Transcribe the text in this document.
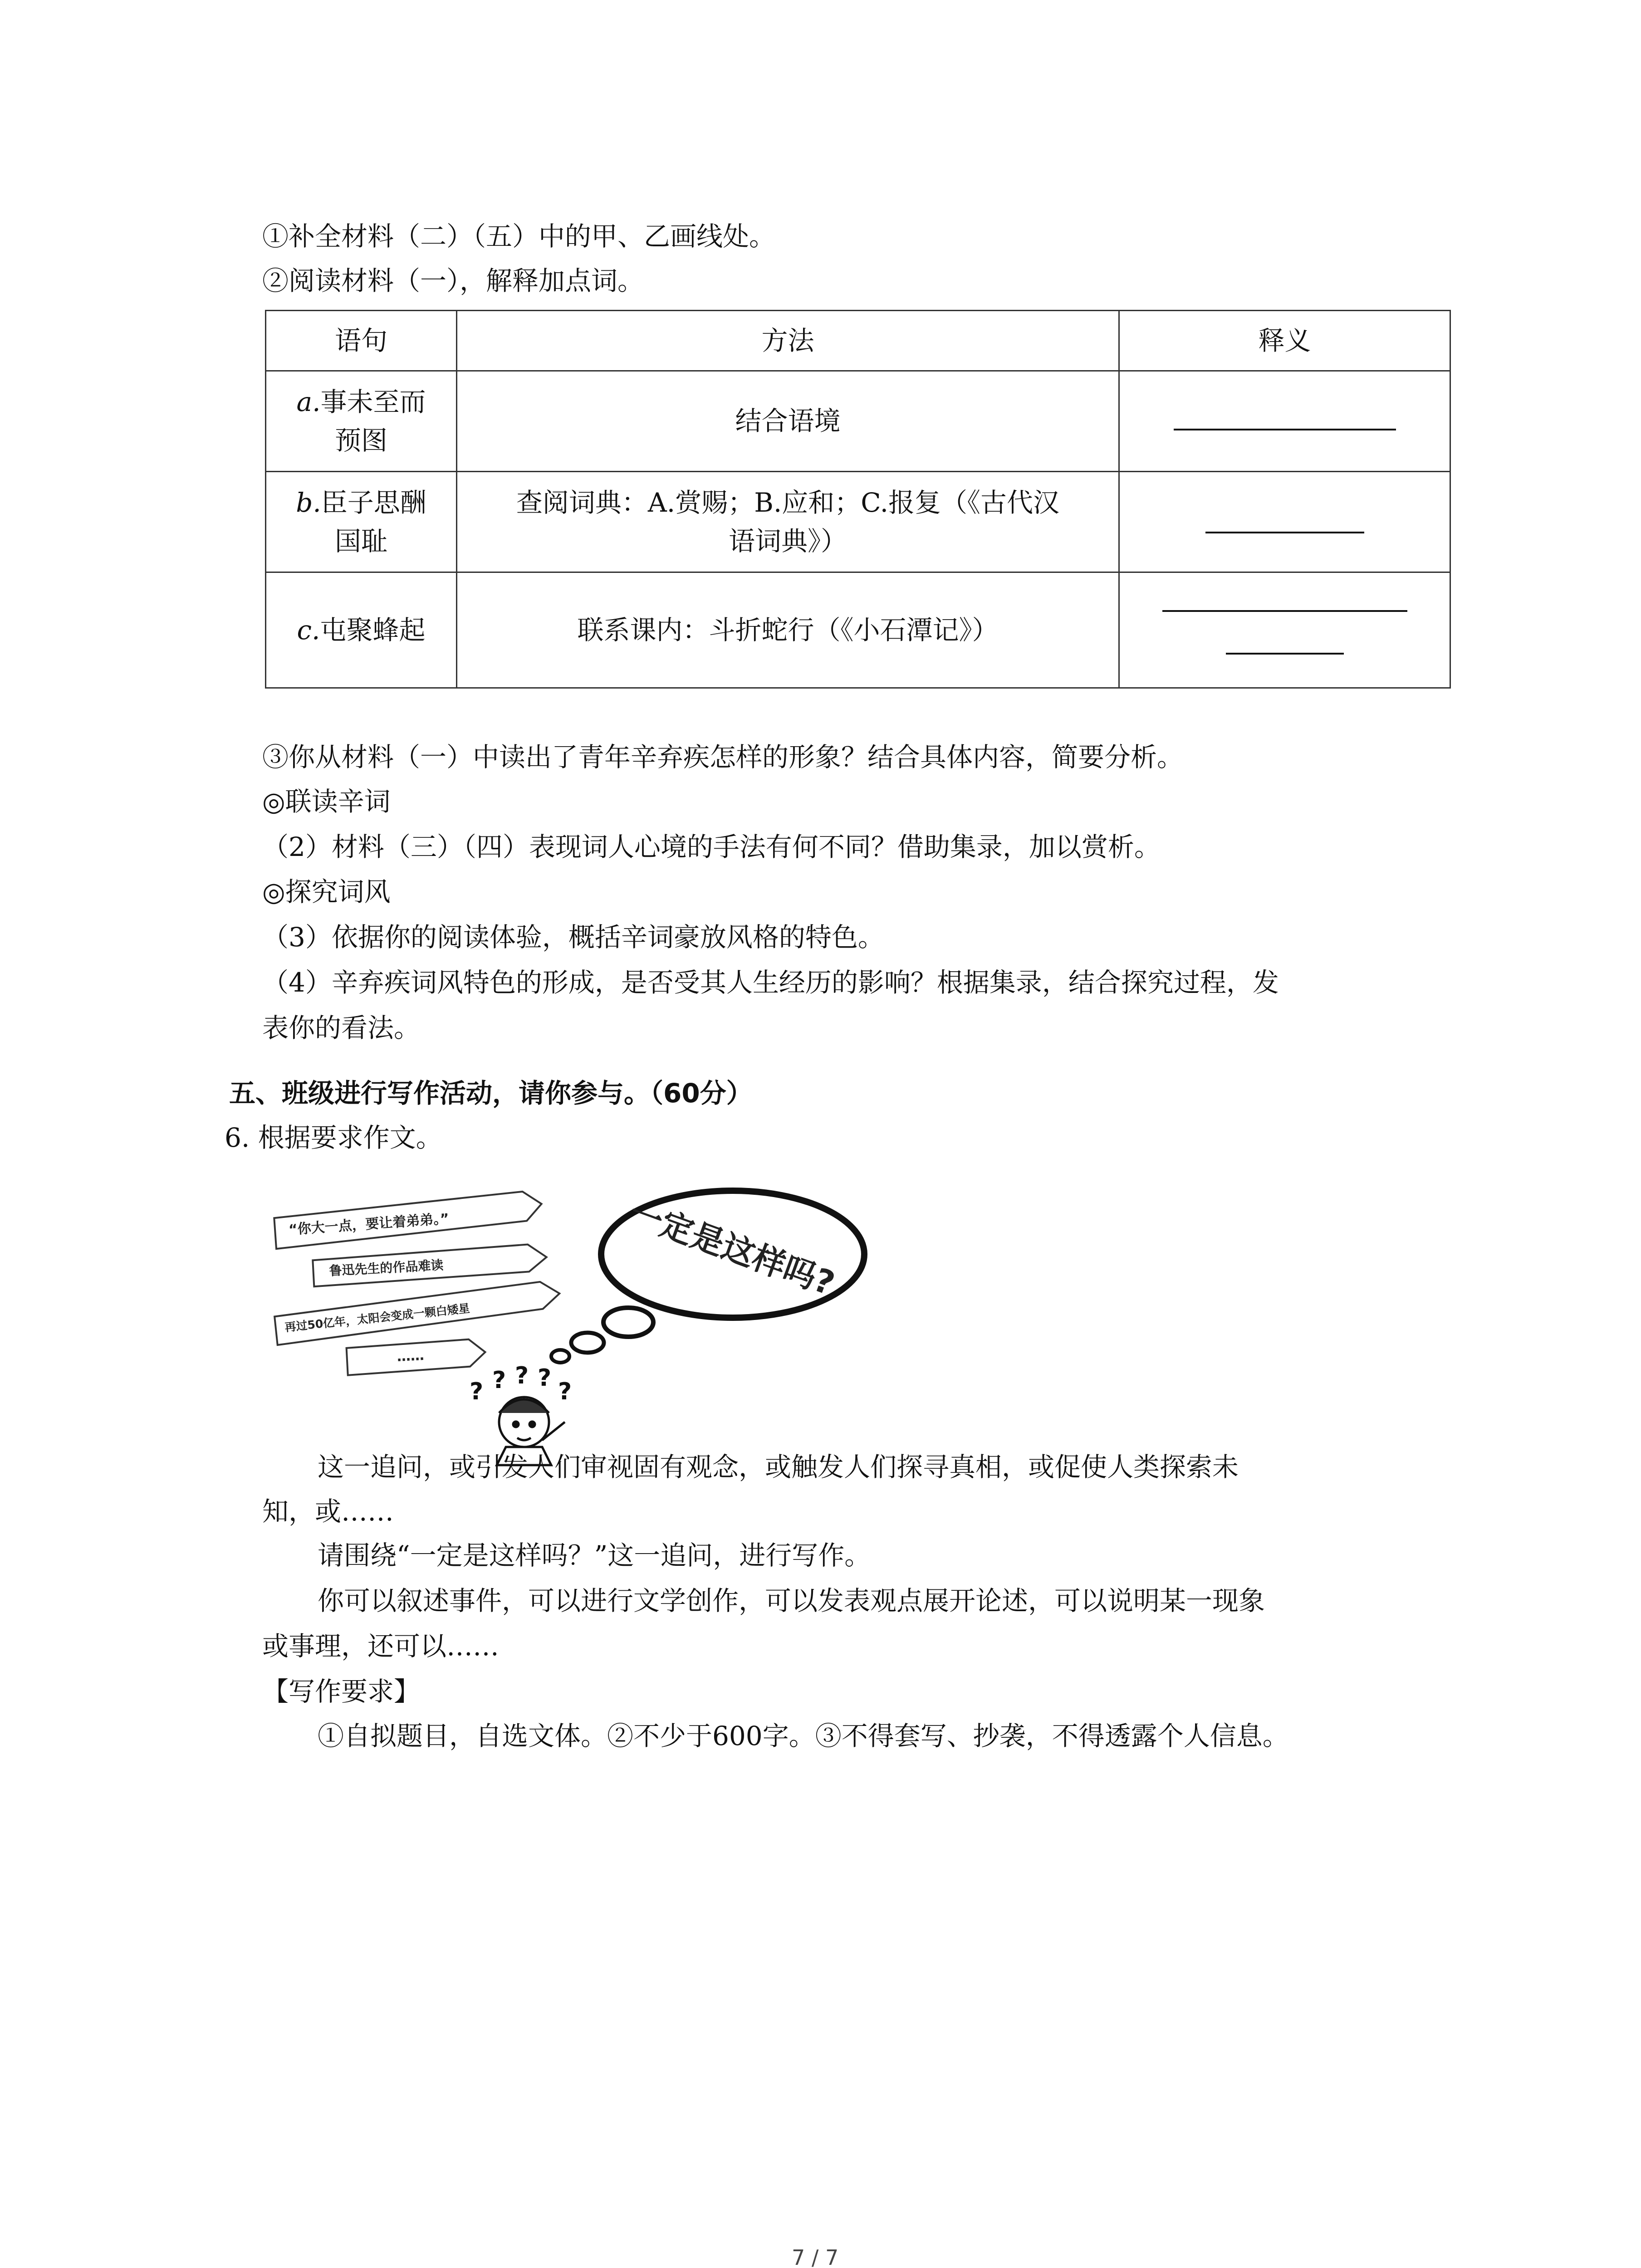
①补全材料（二）（五）中的甲、乙画线处。
②阅读材料（一），解释加点词。
语句	方法	释义
a.事未至而
预图	结合语境	
b.臣子思酬
国耻	查阅词典：A.赏赐；B.应和；C.报复（《古代汉
语词典》）	
c.屯聚蜂起	联系课内：斗折蛇行（《小石潭记》）	
③你从材料（一）中读出了青年辛弃疾怎样的形象？结合具体内容，简要分析。
◎联读辛词
（2）材料（三）（四）表现词人心境的手法有何不同？借助集录，加以赏析。
◎探究词风
（3）依据你的阅读体验，概括辛词豪放风格的特色。
（4）辛弃疾词风特色的形成，是否受其人生经历的影响？根据集录，结合探究过程，发
表你的看法。
五、班级进行写作活动，请你参与。（60分）
6. 根据要求作文。
“你大一点，要让着弟弟。”
鲁迅先生的作品难读
再过50亿年，太阳会变成一颗白矮星
……
一定是这样吗?
? ? ? ? ?
这一追问，或引发人们审视固有观念，或触发人们探寻真相，或促使人类探索未
知，或……
请围绕“一定是这样吗？”这一追问，进行写作。
你可以叙述事件，可以进行文学创作，可以发表观点展开论述，可以说明某一现象
或事理，还可以……
【写作要求】
①自拟题目，自选文体。②不少于600字。③不得套写、抄袭，不得透露个人信息。
7 / 7
